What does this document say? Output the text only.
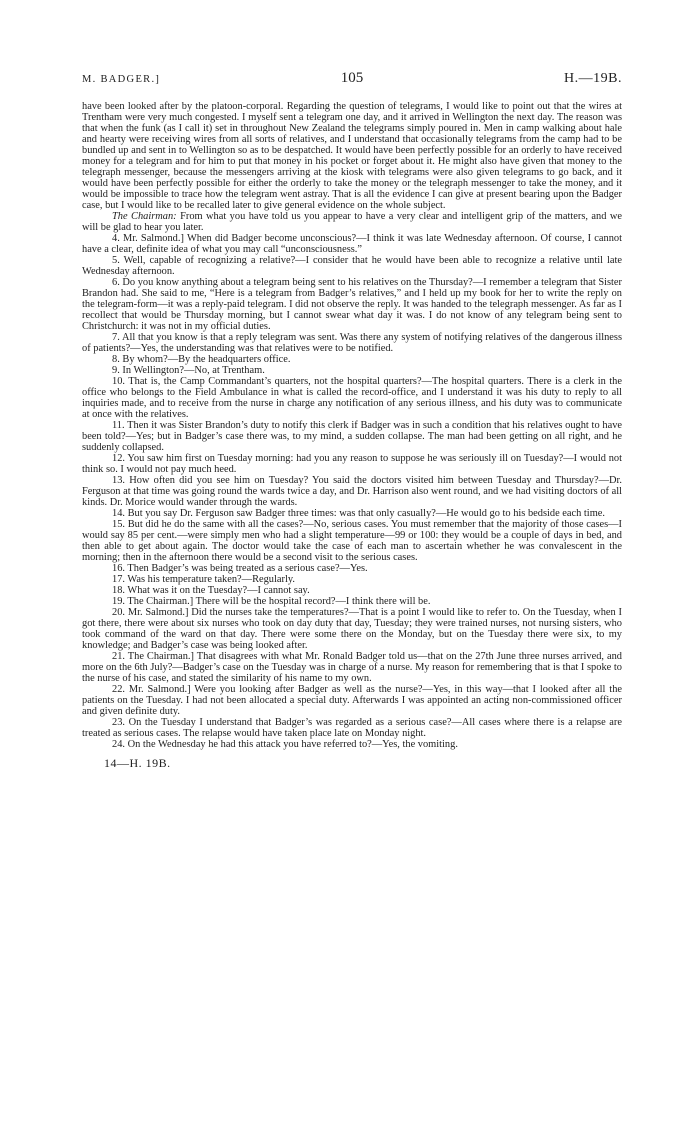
M. BADGER.]	105	H.—19B.

have been looked after by the platoon-corporal. Regarding the question of telegrams, I would like to point out that the wires at Trentham were very much congested. I myself sent a telegram one day, and it arrived in Wellington the next day. The reason was that when the funk (as I call it) set in throughout New Zealand the telegrams simply poured in. Men in camp walking about hale and hearty were receiving wires from all sorts of relatives, and I understand that occasionally telegrams from the camp had to be bundled up and sent in to Wellington so as to be despatched. It would have been perfectly possible for an orderly to have received money for a telegram and for him to put that money in his pocket or forget about it. He might also have given that money to the telegraph messenger, because the messengers arriving at the kiosk with telegrams were also given telegrams to go back, and it would have been perfectly possible for either the orderly to take the money or the telegraph messenger to take the money, and it would be impossible to trace how the telegram went astray. That is all the evidence I can give at present bearing upon the Badger case, but I would like to be recalled later to give general evidence on the whole subject.

The Chairman: From what you have told us you appear to have a very clear and intelligent grip of the matters, and we will be glad to hear you later.

4. Mr. Salmond.] When did Badger become unconscious?—I think it was late Wednesday afternoon. Of course, I cannot have a clear, definite idea of what you may call “unconsciousness.”

5. Well, capable of recognizing a relative?—I consider that he would have been able to recognize a relative until late Wednesday afternoon.

6. Do you know anything about a telegram being sent to his relatives on the Thursday?—I remember a telegram that Sister Brandon had. She said to me, “Here is a telegram from Badger’s relatives,” and I held up my book for her to write the reply on the telegram-form—it was a reply-paid telegram. I did not observe the reply. It was handed to the telegraph messenger. As far as I recollect that would be Thursday morning, but I cannot swear what day it was. I do not know of any telegram being sent to Christchurch: it was not in my official duties.

7. All that you know is that a reply telegram was sent. Was there any system of notifying relatives of the dangerous illness of patients?—Yes, the understanding was that relatives were to be notified.

8. By whom?—By the headquarters office.

9. In Wellington?—No, at Trentham.

10. That is, the Camp Commandant’s quarters, not the hospital quarters?—The hospital quarters. There is a clerk in the office who belongs to the Field Ambulance in what is called the record-office, and I understand it was his duty to reply to all inquiries made, and to receive from the nurse in charge any notification of any serious illness, and his duty was to communicate at once with the relatives.

11. Then it was Sister Brandon’s duty to notify this clerk if Badger was in such a condition that his relatives ought to have been told?—Yes; but in Badger’s case there was, to my mind, a sudden collapse. The man had been getting on all right, and he suddenly collapsed.

12. You saw him first on Tuesday morning: had you any reason to suppose he was seriously ill on Tuesday?—I would not think so. I would not pay much heed.

13. How often did you see him on Tuesday? You said the doctors visited him between Tuesday and Thursday?—Dr. Ferguson at that time was going round the wards twice a day, and Dr. Harrison also went round, and we had visiting doctors of all kinds. Dr. Morice would wander through the wards.

14. But you say Dr. Ferguson saw Badger three times: was that only casually?—He would go to his bedside each time.

15. But did he do the same with all the cases?—No, serious cases. You must remember that the majority of those cases—I would say 85 per cent.—were simply men who had a slight temperature—99 or 100: they would be a couple of days in bed, and then able to get about again. The doctor would take the case of each man to ascertain whether he was convalescent in the morning; then in the afternoon there would be a second visit to the serious cases.

16. Then Badger’s was being treated as a serious case?—Yes.

17. Was his temperature taken?—Regularly.

18. What was it on the Tuesday?—I cannot say.

19. The Chairman.] There will be the hospital record?—I think there will be.

20. Mr. Salmond.] Did the nurses take the temperatures?—That is a point I would like to refer to. On the Tuesday, when I got there, there were about six nurses who took on day duty that day, Tuesday; they were trained nurses, not nursing sisters, who took command of the ward on that day. There were some there on the Monday, but on the Tuesday there were six, to my knowledge; and Badger’s case was being looked after.

21. The Chairman.] That disagrees with what Mr. Ronald Badger told us—that on the 27th June three nurses arrived, and more on the 6th July?—Badger’s case on the Tuesday was in charge of a nurse. My reason for remembering that is that I spoke to the nurse of his case, and stated the similarity of his name to my own.

22. Mr. Salmond.] Were you looking after Badger as well as the nurse?—Yes, in this way—that I looked after all the patients on the Tuesday. I had not been allocated a special duty. Afterwards I was appointed an acting non-commissioned officer and given definite duty.

23. On the Tuesday I understand that Badger’s was regarded as a serious case?—All cases where there is a relapse are treated as serious cases. The relapse would have taken place late on Monday night.

24. On the Wednesday he had this attack you have referred to?—Yes, the vomiting.

14—H. 19B.
